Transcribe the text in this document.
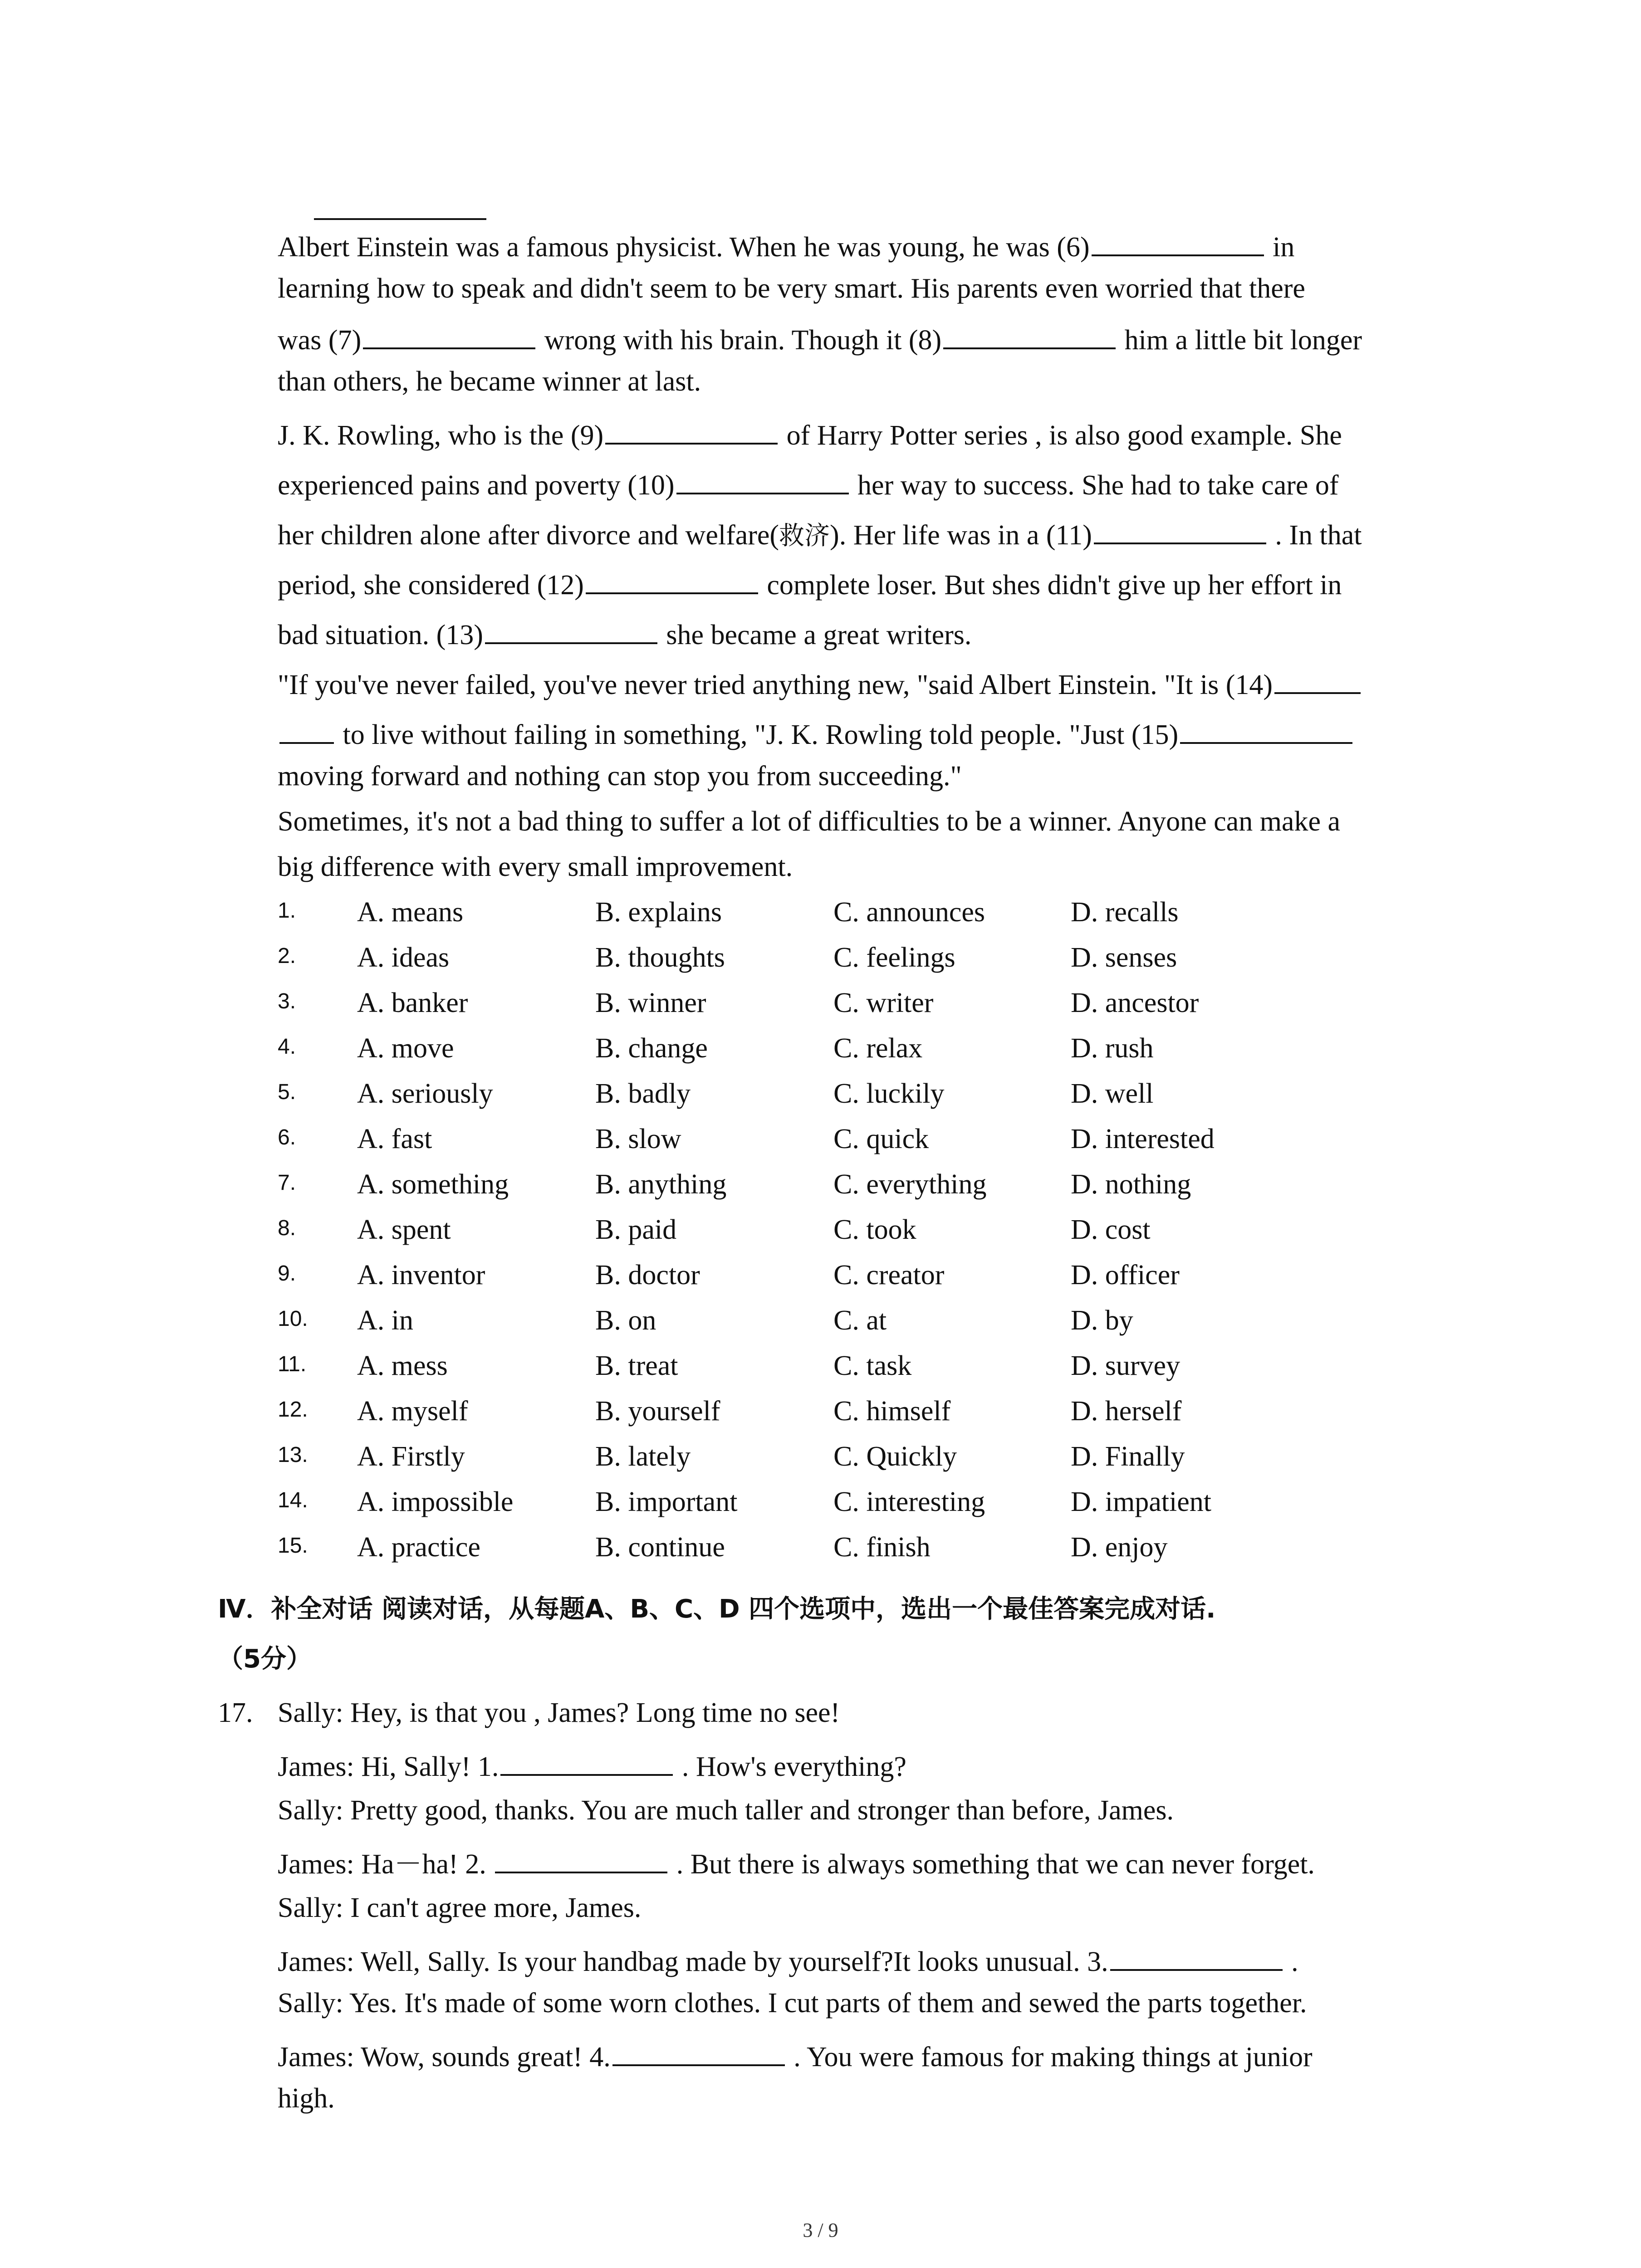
Albert Einstein was a famous physicist. When he was young, he was (6)	in
learning how to speak and didn't seem to be very smart. His parents even worried that there
was (7)	wrong with his brain. Though it (8)	him a little bit longer
than others, he became winner at last.
J. K. Rowling, who is the (9)	of Harry Potter series , is also good example. She
experienced pains and poverty (10)	her way to success. She had to take care of
her children alone after divorce and welfare(救济). Her life was in a (11)	. In that
period, she considered (12)	complete loser. But shes didn't give up her effort in
bad situation. (13)	she became a great writers.
"If you've never failed, you've never tried anything new, "said Albert Einstein. "It is (14)
to live without failing in something, "J. K. Rowling told people. "Just (15)
moving forward and nothing can stop you from succeeding."
Sometimes, it's not a bad thing to suffer a lot of difficulties to be a winner. Anyone can make a
big difference with every small improvement.
1. A. means	B. explains	C. announces	D. recalls
2. A. ideas	B. thoughts	C. feelings	D. senses
3. A. banker	B. winner	C. writer	D. ancestor
4. A. move	B. change	C. relax	D. rush
5. A. seriously	B. badly	C. luckily	D. well
6. A. fast	B. slow	C. quick	D. interested
7. A. something	B. anything	C. everything	D. nothing
8. A. spent	B. paid	C. took	D. cost
9. A. inventor	B. doctor	C. creator	D. officer
10. A. in	B. on	C. at	D. by
11. A. mess	B. treat	C. task	D. survey
12. A. myself	B. yourself	C. himself	D. herself
13. A. Firstly	B. lately	C. Quickly	D. Finally
14. A. impossible	B. important	C. interesting	D. impatient
15. A. practice	B. continue	C. finish	D. enjoy
Ⅳ．补全对话 阅读对话，从每题A、B、C、D 四个选项中，选出一个最佳答案完成对话.
（5分）
17. Sally: Hey, is that you , James? Long time no see!
James: Hi, Sally! 1.	. How's everything?
Sally: Pretty good, thanks. You are much taller and stronger than before, James.
James: Ha－ha! 2.	. But there is always something that we can never forget.
Sally: I can't agree more, James.
James: Well, Sally. Is your handbag made by yourself?It looks unusual. 3.	.
Sally: Yes. It's made of some worn clothes. I cut parts of them and sewed the parts together.
James: Wow, sounds great! 4.	. You were famous for making things at junior
high.
3 / 9
